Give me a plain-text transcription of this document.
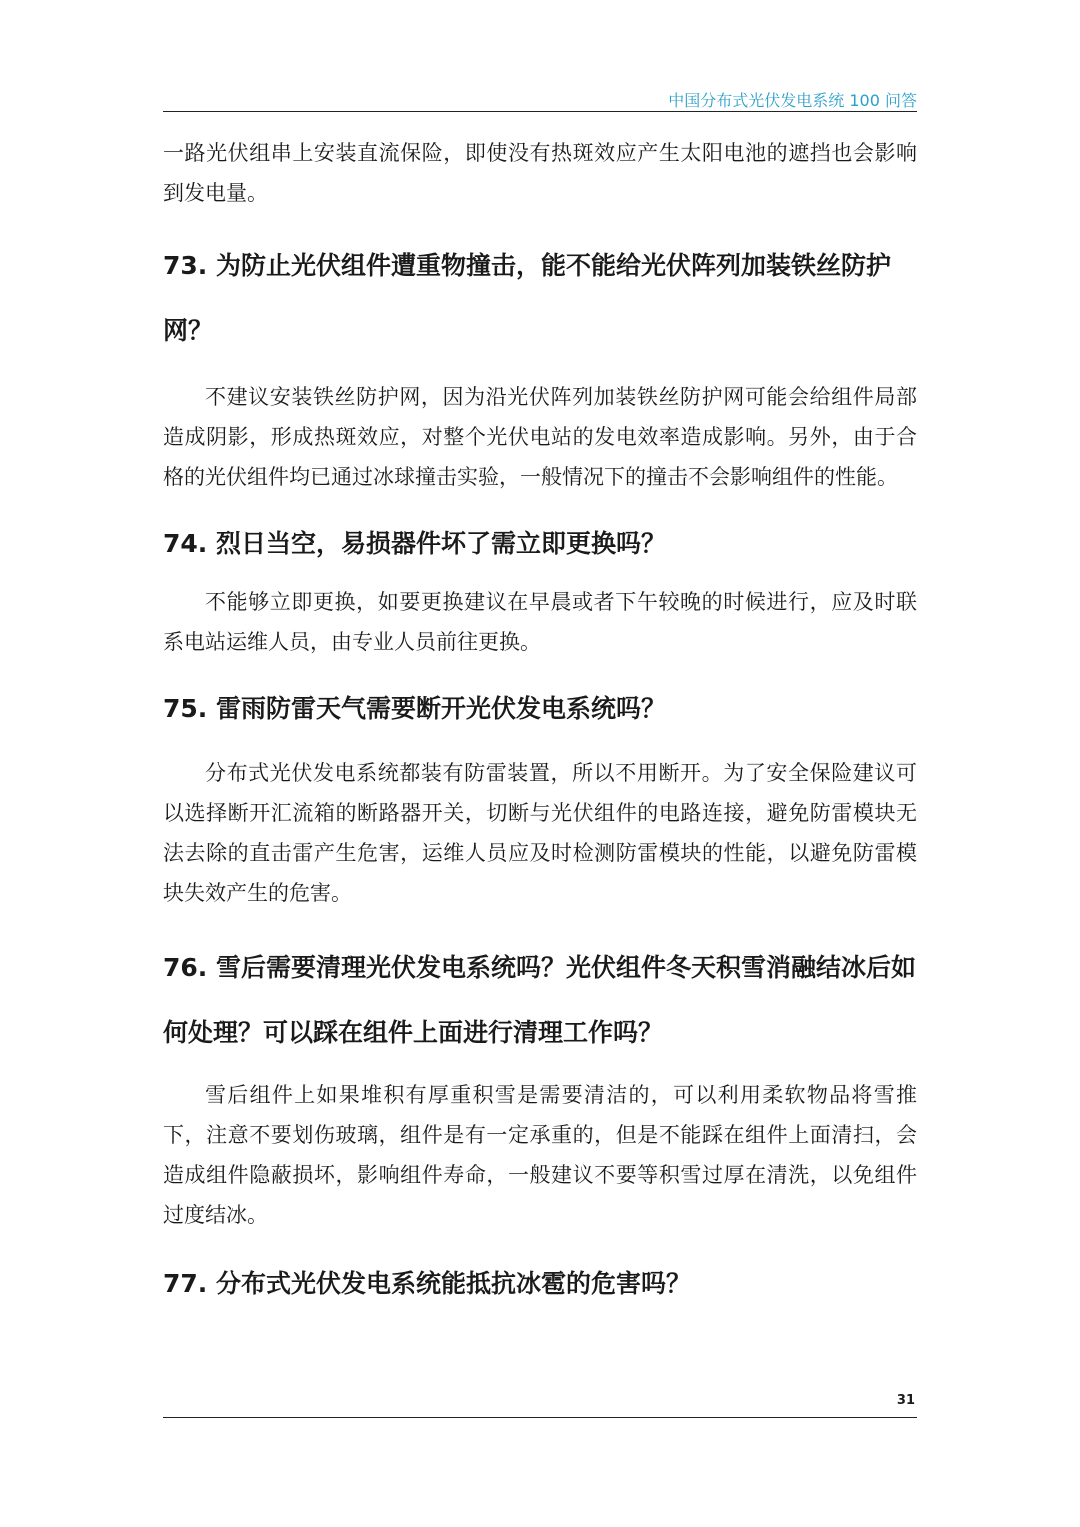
中国分布式光伏发电系统 100 问答

一路光伏组串上安装直流保险，即使没有热斑效应产生太阳电池的遮挡也会影响到发电量。

73. 为防止光伏组件遭重物撞击，能不能给光伏阵列加装铁丝防护网？

不建议安装铁丝防护网，因为沿光伏阵列加装铁丝防护网可能会给组件局部造成阴影，形成热斑效应，对整个光伏电站的发电效率造成影响。另外，由于合格的光伏组件均已通过冰球撞击实验，一般情况下的撞击不会影响组件的性能。

74. 烈日当空，易损器件坏了需立即更换吗？

不能够立即更换，如要更换建议在早晨或者下午较晚的时候进行，应及时联系电站运维人员，由专业人员前往更换。

75. 雷雨防雷天气需要断开光伏发电系统吗？

分布式光伏发电系统都装有防雷装置，所以不用断开。为了安全保险建议可以选择断开汇流箱的断路器开关，切断与光伏组件的电路连接，避免防雷模块无法去除的直击雷产生危害，运维人员应及时检测防雷模块的性能，以避免防雷模块失效产生的危害。

76. 雪后需要清理光伏发电系统吗？光伏组件冬天积雪消融结冰后如何处理？可以踩在组件上面进行清理工作吗？

雪后组件上如果堆积有厚重积雪是需要清洁的，可以利用柔软物品将雪推下，注意不要划伤玻璃，组件是有一定承重的，但是不能踩在组件上面清扫，会造成组件隐蔽损坏，影响组件寿命，一般建议不要等积雪过厚在清洗，以免组件过度结冰。

77. 分布式光伏发电系统能抵抗冰雹的危害吗？
31
